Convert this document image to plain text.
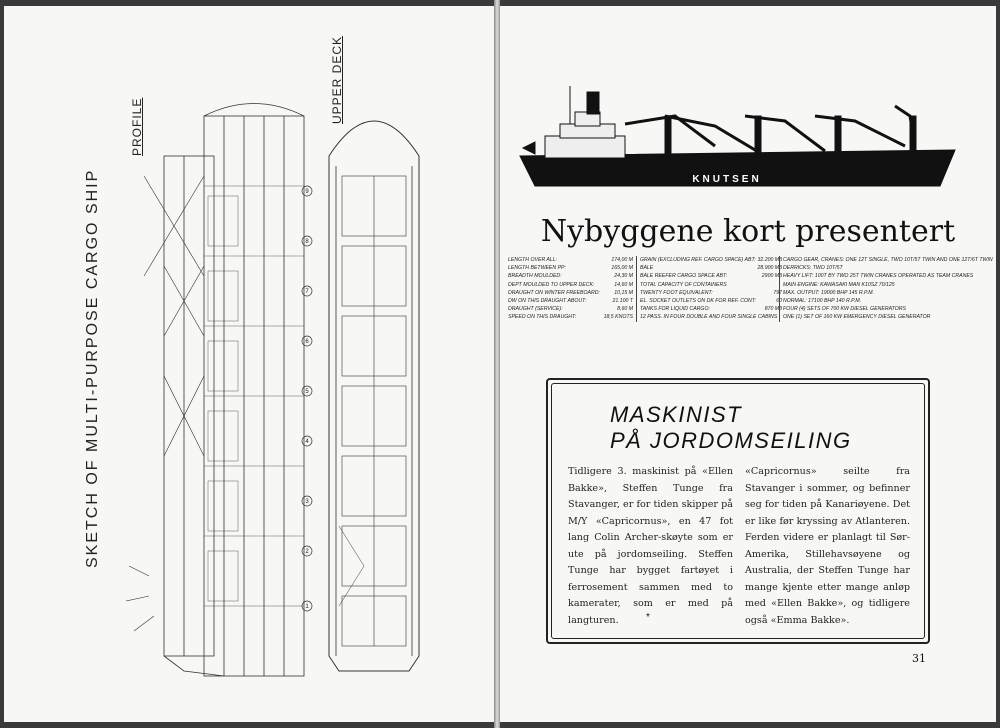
SKETCH OF MULTI-PURPOSE CARGO SHIP
PROFILE
UPPER DECK
9
8
7
6
5
4
3
2
1
KNUTSEN
Nybyggene kort presentert
LENGTH OVER ALL:	174,00 M
LENGTH BETWEEN PP:	165,00 M
BREADTH MOULDED:	24,30 M
DEPT MOULDED TO UPPER DECK:	14,60 M
DRAUGHT ON WINTER FREEBOARD:	10,15 M
DW ON THIS DRAUGHT ABOUT:	21.100 T
DRAUGHT (SERVICE):	8,60 M
SPEED ON THIS DRAUGHT:	18,5 KNOTS
GRAIN (EXCLUDING REF. CARGO SPACE) ABT: 32.200 M3
BALE	28.900 M3
BALE REEFER CARGO SPACE ABT:	2900 M3
TOTAL CAPACITY OF CONTAINERS
TWENTY FOOT EQUIVALENT:	797
EL. SOCKET OUTLETS ON DK FOR REF. CONT:	60
TANKS FOR LIQUID CARGO:	870 M3
12 PASS. IN FOUR DOUBLE AND FOUR SINGLE CABINS
CARGO GEAR, CRANES: ONE 12T SINGLE, TWO 10T/5T TWIN AND ONE 12T/6T TWIN
DERRICKS: TWO 10T/5T
HEAVY LIFT: 100T BY TWO 25T TWIN CRANES OPERATED AS TEAM CRANES
MAIN ENGINE: KAWASAKI MAN K10SZ 70/125
MAX. OUTPUT: 19000 BHP 145 R.P.M.
NORMAL: 17100 BHP 140 R.P.M.
FOUR (4) SETS OF 700 KW DIESEL GENERATORS
ONE (1) SET OF 160 KW EMERGENCY DIESEL GENERATOR
MASKINIST
PÅ JORDOMSEILING
Tidligere 3. maskinist på «Ellen Bakke», Steffen Tunge fra Stavanger, er for tiden skipper på M/Y «Capricornus», en 47 fot lang Colin Archer-skøyte som er ute på jordomseiling. Steffen Tunge har bygget fartøyet i ferrosement sammen med to kamerater, som er med på langturen.	*
«Capricornus» seilte fra Stavanger i sommer, og befinner seg for tiden på Kanariøyene. Det er like før kryssing av Atlanteren. Ferden videre er planlagt til Sør-Amerika, Stillehavsøyene og Australia, der Steffen Tunge har mange kjente etter mange anløp med «Ellen Bakke», og tidligere også «Emma Bakke».
31
